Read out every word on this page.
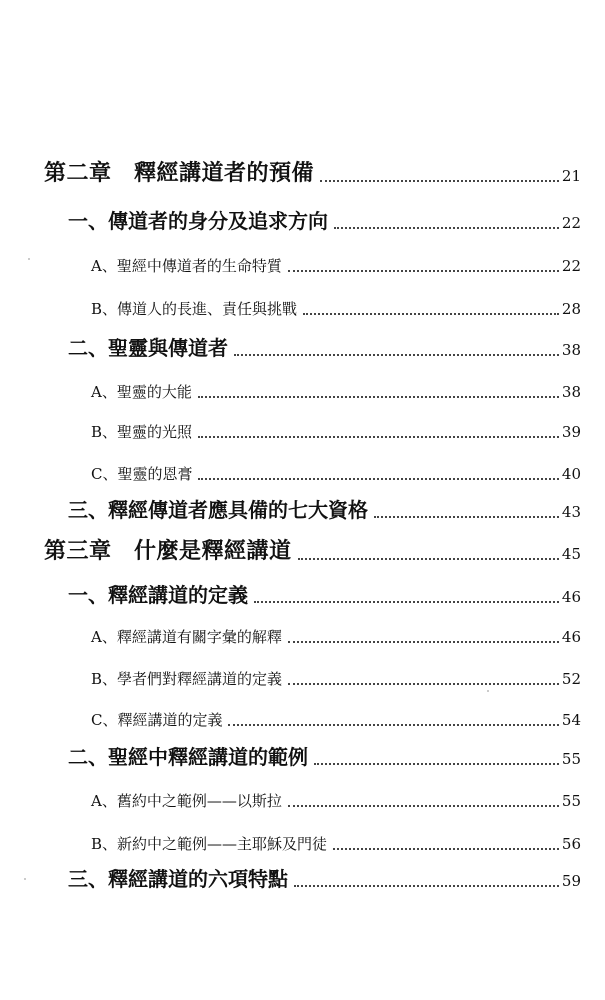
第二章　釋經講道者的預備	21
一、傳道者的身分及追求方向	22
A、聖經中傳道者的生命特質	22
B、傳道人的長進、責任與挑戰	28
二、聖靈與傳道者	38
A、聖靈的大能	38
B、聖靈的光照	39
C、聖靈的恩膏	40
三、釋經傳道者應具備的七大資格	43
第三章　什麼是釋經講道	45
一、釋經講道的定義	46
A、釋經講道有關字彙的解釋	46
B、學者們對釋經講道的定義	52
C、釋經講道的定義	54
二、聖經中釋經講道的範例	55
A、舊約中之範例——以斯拉	55
B、新約中之範例——主耶穌及門徒	56
三、釋經講道的六項特點	59
